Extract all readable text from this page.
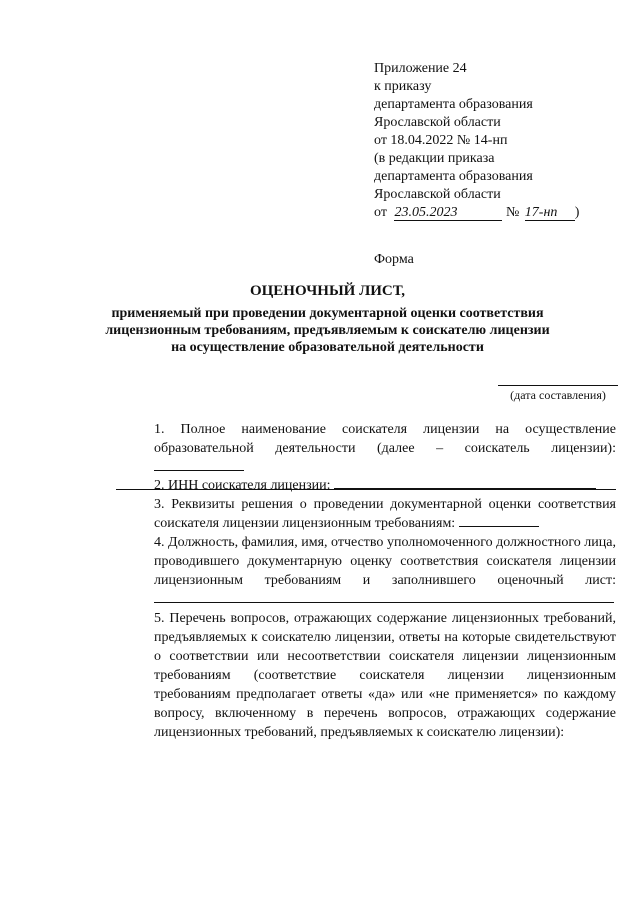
Приложение 24
к приказу
департамента образования
Ярославской области
от 18.04.2022 № 14-нп
(в редакции приказа
департамента образования
Ярославской области
от 23.05.2023	№ 17-нп )
Форма
ОЦЕНОЧНЫЙ ЛИСТ,
применяемый при проведении документарной оценки соответствия лицензионным требованиям, предъявляемым к соискателю лицензии на осуществление образовательной деятельности
(дата составления)
1. Полное наименование соискателя лицензии на осуществление образовательной деятельности (далее – соискатель лицензии):
2. ИНН соискателя лицензии:
3. Реквизиты решения о проведении документарной оценки соответствия соискателя лицензии лицензионным требованиям:
4. Должность, фамилия, имя, отчество уполномоченного должностного лица, проводившего документарную оценку соответствия соискателя лицензии лицензионным требованиям и заполнившего оценочный лист:
5. Перечень вопросов, отражающих содержание лицензионных требований, предъявляемых к соискателю лицензии, ответы на которые свидетельствуют о соответствии или несоответствии соискателя лицензии лицензионным требованиям (соответствие соискателя лицензии лицензионным требованиям предполагает ответы «да» или «не применяется» по каждому вопросу, включенному в перечень вопросов, отражающих содержание лицензионных требований, предъявляемых к соискателю лицензии):
